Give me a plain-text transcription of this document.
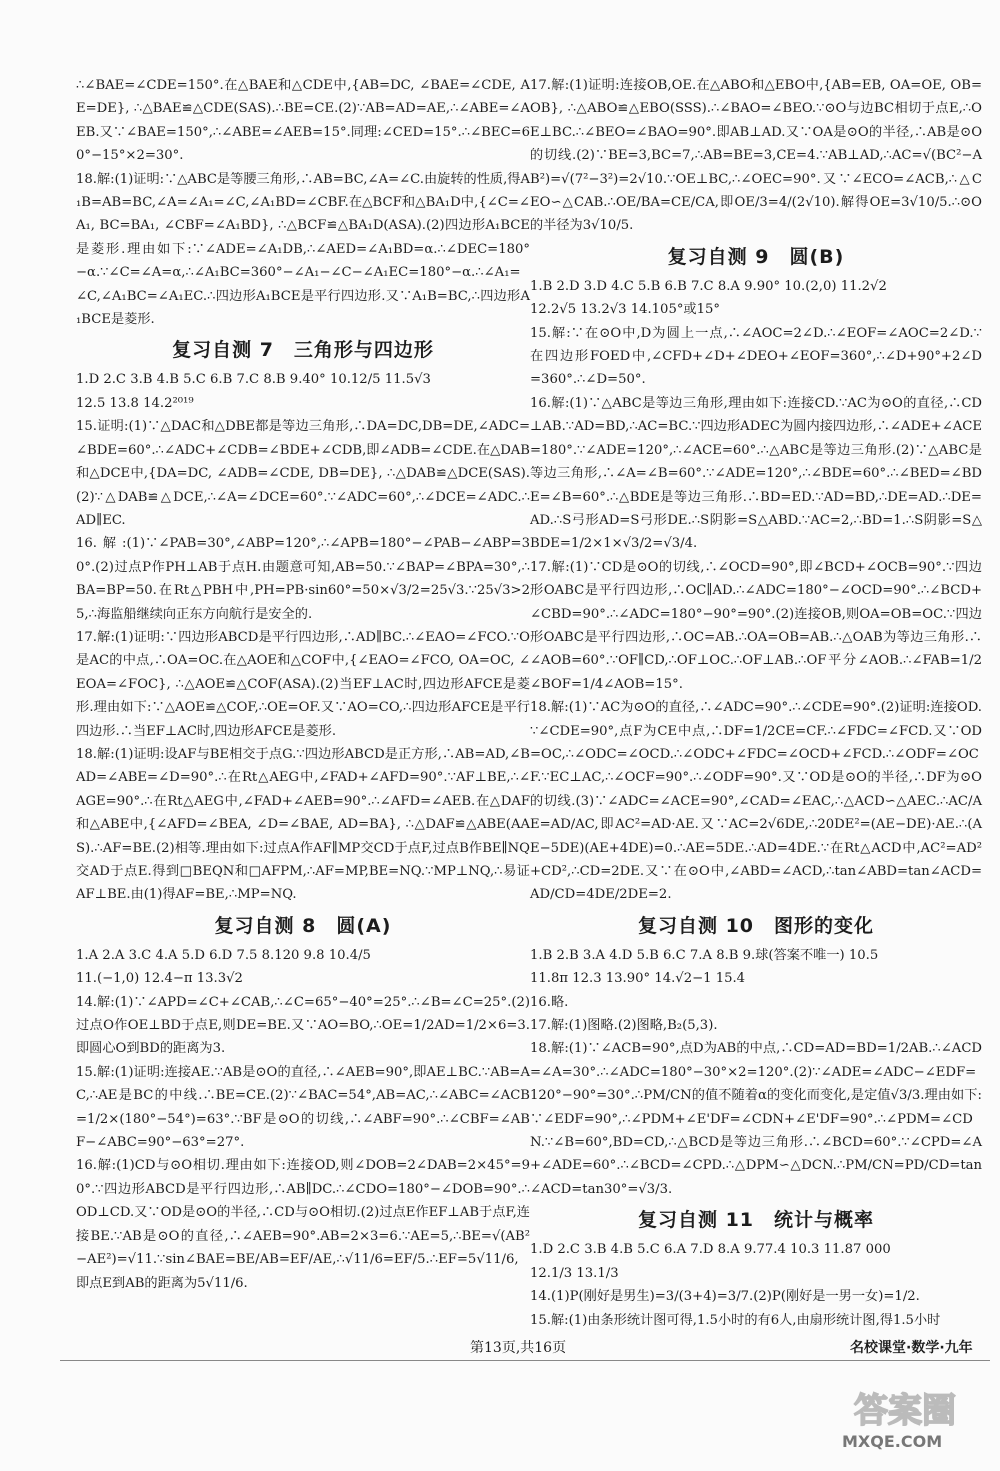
∴∠BAE=∠CDE=150°.在△BAE和△CDE中,{AB=DC, ∠BAE=∠CDE, AE=DE}, ∴△BAE≌△CDE(SAS).∴BE=CE.(2)∵AB=AD=AE,∴∠ABE=∠AEB.又∵∠BAE=150°,∴∠ABE=∠AEB=15°.同理:∠CED=15°.∴∠BEC=60°−15°×2=30°.

18.解:(1)证明:∵△ABC是等腰三角形,∴AB=BC,∠A=∠C.由旋转的性质,得A₁B=AB=BC,∠A=∠A₁=∠C,∠A₁BD=∠CBF.在△BCF和△BA₁D中,{∠C=∠A₁, BC=BA₁, ∠CBF=∠A₁BD}, ∴△BCF≌△BA₁D(ASA).(2)四边形A₁BCE是菱形.理由如下:∵∠ADE=∠A₁DB,∴∠AED=∠A₁BD=α.∴∠DEC=180°−α.∵∠C=∠A=α,∴∠A₁BC=360°−∠A₁−∠C−∠A₁EC=180°−α.∴∠A₁=∠C,∠A₁BC=∠A₁EC.∴四边形A₁BCE是平行四边形.又∵A₁B=BC,∴四边形A₁BCE是菱形.

复习自测 7　三角形与四边形

1.D 2.C 3.B 4.B 5.C 6.B 7.C 8.B 9.40° 10.12/5 11.5√3

12.5 13.8 14.2²⁰¹⁹

15.证明:(1)∵△DAC和△DBE都是等边三角形,∴DA=DC,DB=DE,∠ADC=∠BDE=60°.∴∠ADC+∠CDB=∠BDE+∠CDB,即∠ADB=∠CDE.在△DAB和△DCE中,{DA=DC, ∠ADB=∠CDE, DB=DE}, ∴△DAB≌△DCE(SAS).(2)∵△DAB≌△DCE,∴∠A=∠DCE=60°.∵∠ADC=60°,∴∠DCE=∠ADC.∴AD∥EC.

16.解:(1)∵∠PAB=30°,∠ABP=120°,∴∠APB=180°−∠PAB−∠ABP=30°.(2)过点P作PH⊥AB于点H.由题意可知,AB=50.∵∠BAP=∠BPA=30°,∴BA=BP=50.在Rt△PBH中,PH=PB·sin60°=50×√3/2=25√3.∵25√3>25,∴海监船继续向正东方向航行是安全的.

17.解:(1)证明:∵四边形ABCD是平行四边形,∴AD∥BC.∴∠EAO=∠FCO.∵O是AC的中点,∴OA=OC.在△AOE和△COF中,{∠EAO=∠FCO, OA=OC, ∠EOA=∠FOC}, ∴△AOE≌△COF(ASA).(2)当EF⊥AC时,四边形AFCE是菱形.理由如下:∵△AOE≌△COF,∴OE=OF.又∵AO=CO,∴四边形AFCE是平行四边形.∴当EF⊥AC时,四边形AFCE是菱形.

18.解:(1)证明:设AF与BE相交于点G.∵四边形ABCD是正方形,∴AB=AD,∠BAD=∠ABE=∠D=90°.∴在Rt△AEG中,∠FAD+∠AFD=90°.∵AF⊥BE,∴∠AGE=90°.∴在Rt△AEG中,∠FAD+∠AEB=90°.∴∠AFD=∠AEB.在△DAF和△ABE中,{∠AFD=∠BEA, ∠D=∠BAE, AD=BA}, ∴△DAF≌△ABE(AAS).∴AF=BE.(2)相等.理由如下:过点A作AF∥MP交CD于点F,过点B作BE∥NQ交AD于点E.得到□BEQN和□AFPM,∴AF=MP,BE=NQ.∵MP⊥NQ,∴易证AF⊥BE.由(1)得AF=BE,∴MP=NQ.

复习自测 8　圆(A)

1.A 2.A 3.C 4.A 5.D 6.D 7.5 8.120 9.8 10.4/5

11.(−1,0) 12.4−π 13.3√2

14.解:(1)∵∠APD=∠C+∠CAB,∴∠C=65°−40°=25°.∴∠B=∠C=25°.(2)过点O作OE⊥BD于点E,则DE=BE.又∵AO=BO,∴OE=1/2AD=1/2×6=3.即圆心O到BD的距离为3.

15.解:(1)证明:连接AE.∵AB是⊙O的直径,∴∠AEB=90°,即AE⊥BC.∵AB=AC,∴AE是BC的中线.∴BE=CE.(2)∵∠BAC=54°,AB=AC,∴∠ABC=∠ACB=1/2×(180°−54°)=63°.∵BF是⊙O的切线,∴∠ABF=90°.∴∠CBF=∠ABF−∠ABC=90°−63°=27°.

16.解:(1)CD与⊙O相切.理由如下:连接OD,则∠DOB=2∠DAB=2×45°=90°.∵四边形ABCD是平行四边形,∴AB∥DC.∴∠CDO=180°−∠DOB=90°.∴OD⊥CD.又∵OD是⊙O的半径,∴CD与⊙O相切.(2)过点E作EF⊥AB于点F,连接BE.∵AB是⊙O的直径,∴∠AEB=90°.AB=2×3=6.∵AE=5,∴BE=√(AB²−AE²)=√11.∵sin∠BAE=BE/AB=EF/AE,∴√11/6=EF/5.∴EF=5√11/6,即点E到AB的距离为5√11/6.

17.解:(1)证明:连接OB,OE.在△ABO和△EBO中,{AB=EB, OA=OE, OB=OB}, ∴△ABO≌△EBO(SSS).∴∠BAO=∠BEO.∵⊙O与边BC相切于点E,∴OE⊥BC.∴∠BEO=∠BAO=90°.即AB⊥AD.又∵OA是⊙O的半径,∴AB是⊙O的切线.(2)∵BE=3,BC=7,∴AB=BE=3,CE=4.∵AB⊥AD,∴AC=√(BC²−AB²)=√(7²−3²)=2√10.∵OE⊥BC,∴∠OEC=90°.又∵∠ECO=∠ACB,∴△CEO∽△CAB.∴OE/BA=CE/CA,即OE/3=4/(2√10).解得OE=3√10/5.∴⊙O的半径为3√10/5.

复习自测 9　圆(B)

1.B 2.D 3.D 4.C 5.B 6.B 7.C 8.A 9.90° 10.(2,0) 11.2√2

12.2√5 13.2√3 14.105°或15°

15.解:∵在⊙O中,D为圆上一点,∴∠AOC=2∠D.∴∠EOF=∠AOC=2∠D.∵在四边形FOED中,∠CFD+∠D+∠DEO+∠EOF=360°,∴∠D+90°+2∠D=360°.∴∠D=50°.

16.解:(1)∵△ABC是等边三角形,理由如下:连接CD.∵AC为⊙O的直径,∴CD⊥AB.∵AD=BD,∴AC=BC.∵四边形ADEC为圆内接四边形,∴∠ADE+∠ACE=180°.∵∠ADE=120°,∴∠ACE=60°.∴△ABC是等边三角形.(2)∵△ABC是等边三角形,∴∠A=∠B=60°.∵∠ADE=120°,∴∠BDE=60°.∴∠BED=∠BDE=∠B=60°.∴△BDE是等边三角形.∴BD=ED.∵AD=BD,∴DE=AD.∴DE=AD.∴S弓形AD=S弓形DE.∴S阴影=S△ABD.∵AC=2,∴BD=1.∴S阴影=S△BDE=1/2×1×√3/2=√3/4.

17.解:(1)∵CD是⊙O的切线,∴∠OCD=90°,即∠BCD+∠OCB=90°.∵四边形OABC是平行四边形,∴OC∥AD.∴∠ADC=180°−∠OCD=90°.∴∠BCD+∠CBD=90°.∴∠ADC=180°−90°=90°.(2)连接OB,则OA=OB=OC.∵四边形OABC是平行四边形,∴OC=AB.∴OA=OB=AB.∴△OAB为等边三角形.∴∠AOB=60°.∵OF∥CD,∴OF⊥OC.∴OF⊥AB.∴OF平分∠AOB.∴∠FAB=1/2∠BOF=1/4∠AOB=15°.

18.解:(1)∵AC为⊙O的直径,∴∠ADC=90°.∴∠CDE=90°.(2)证明:连接OD.∵∠CDE=90°,点F为CE中点,∴DF=1/2CE=CF.∴∠FDC=∠FCD.又∵OD=OC,∴∠ODC=∠OCD.∴∠ODC+∠FDC=∠OCD+∠FCD.∴∠ODF=∠OCF.∵EC⊥AC,∴∠OCF=90°.∴∠ODF=90°.又∵OD是⊙O的半径,∴DF为⊙O的切线.(3)∵∠ADC=∠ACE=90°,∠CAD=∠EAC,∴△ACD∽△AEC.∴AC/AE=AD/AC,即AC²=AD·AE.又∵AC=2√6DE,∴20DE²=(AE−DE)·AE.∴(AE−5DE)(AE+4DE)=0.∴AE=5DE.∴AD=4DE.∵在Rt△ACD中,AC²=AD²+CD²,∴CD=2DE.又∵在⊙O中,∠ABD=∠ACD,∴tan∠ABD=tan∠ACD=AD/CD=4DE/2DE=2.

复习自测 10　图形的变化

1.B 2.B 3.A 4.D 5.B 6.C 7.A 8.B 9.球(答案不唯一) 10.5

11.8π 12.3 13.90° 14.√2−1 15.4

16.略.

17.解:(1)图略.(2)图略,B₂(5,3).

18.解:(1)∵∠ACB=90°,点D为AB的中点,∴CD=AD=BD=1/2AB.∴∠ACD=∠A=30°.∴∠ADC=180°−30°×2=120°.(2)∵∠ADE=∠ADC−∠EDF=120°−90°=30°.∴PM/CN的值不随着α的变化而变化,是定值√3/3.理由如下:∵∠EDF=90°,∴∠PDM+∠E'DF=∠CDN+∠E'DF=90°.∴∠PDM=∠CDN.∵∠B=60°,BD=CD,∴△BCD是等边三角形.∴∠BCD=60°.∵∠CPD=∠A+∠ADE=60°.∴∠BCD=∠CPD.∴△DPM∽△DCN.∴PM/CN=PD/CD=tan∠ACD=tan30°=√3/3.

复习自测 11　统计与概率

1.D 2.C 3.B 4.B 5.C 6.A 7.D 8.A 9.77.4 10.3 11.87 000

12.1/3 13.1/3

14.(1)P(刚好是男生)=3/(3+4)=3/7.(2)P(刚好是一男一女)=1/2.

15.解:(1)由条形统计图可得,1.5小时的有6人,由扇形统计图,得1.5小时

第13页,共16页	名校课堂·数学·九年
答案圈
MXQE.COM
